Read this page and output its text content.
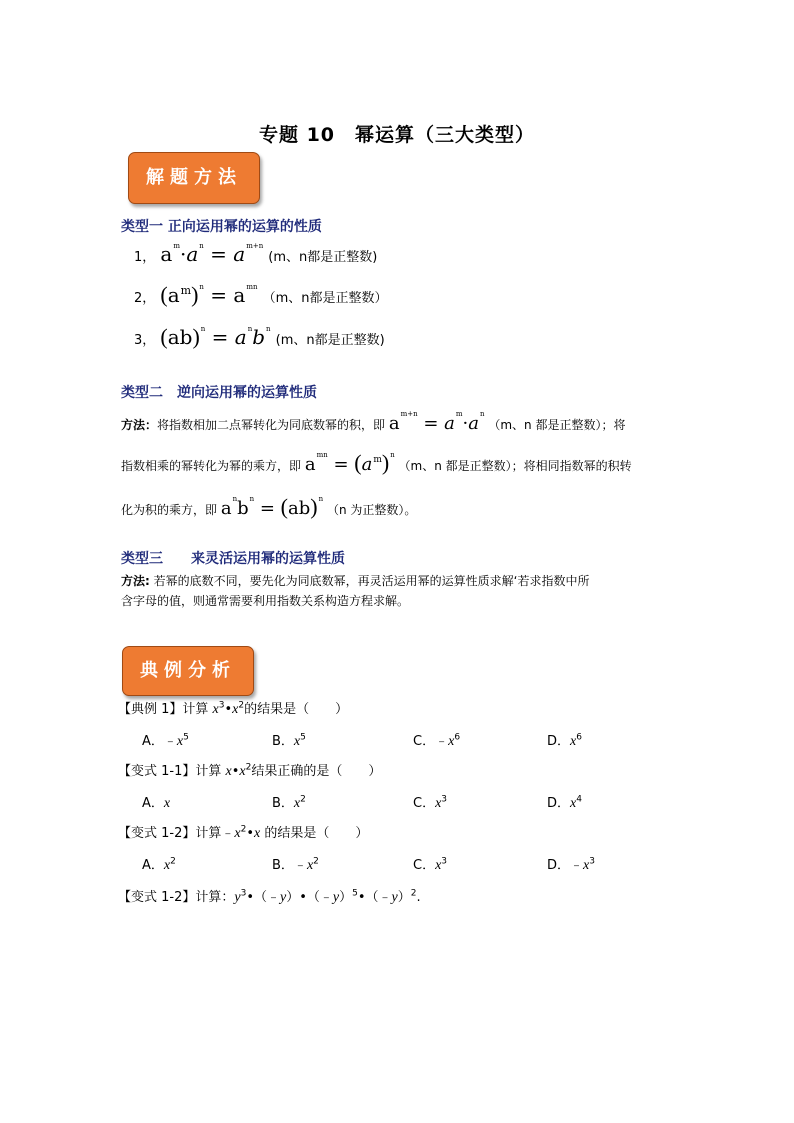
专题 10　幂运算（三大类型）
解题方法
类型一 正向运用幂的运算的性质
1， $a^m\cdot a^n = a^{m+n}$ (m、n都是正整数)
2， $(a^m)^n = a^{mn}$ （m、n都是正整数）
3， $(ab)^n = a^nb^n$ (m、n都是正整数)
类型二　逆向运用幂的运算性质
方法：将指数相加二点幂转化为同底数幂的积，即 $a^{m+n} = a^m\cdot a^n$ （m、n 都是正整数）；将
指数相乘的幂转化为幂的乘方，即 $a^{mn} = (a^m)^n$ （m、n 都是正整数）；将相同指数幂的积转
化为积的乘方，即 $a^nb^n = (ab)^n$ （n 为正整数）。
类型三　　来灵活运用幂的运算性质
方法: 若幂的底数不同，要先化为同底数幂，再灵活运用幂的运算性质求解‘若求指数中所
含字母的值，则通常需要利用指数关系构造方程求解。
典例分析
【典例 1】计算 $x^3•x^2$的结果是（　　）
A．$﹣x^5$	B．$x^5$	C．$﹣x^6$	D．$x^6$
【变式 1-1】计算 $x•x^2$结果正确的是（　　）
A．x	B．$x^2$	C．$x^3$	D．$x^4$
【变式 1-2】计算$﹣x^2•x$ 的结果是（　　）
A．$x^2$	B．$﹣x^2$	C．$x^3$	D．$﹣x^3$
【变式 1-2】计算：$y^3•(﹣y)•(﹣y)^5•(﹣y)^2$.
